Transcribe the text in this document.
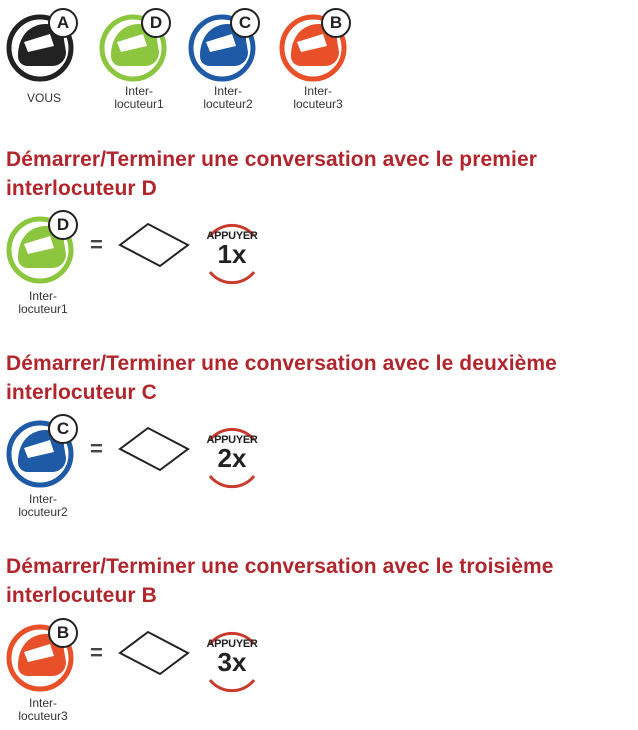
A
VOUS
D
Inter-
locuteur1
C
Inter-
locuteur2
B
Inter-
locuteur3
Démarrer/Terminer une conversation avec le premier
interlocuteur D
D
Inter-
locuteur1
=	APPUYER
1x
Démarrer/Terminer une conversation avec le deuxième
interlocuteur C
C
Inter-
locuteur2
=	APPUYER
2x
Démarrer/Terminer une conversation avec le troisième
interlocuteur B
B
Inter-
locuteur3
=	APPUYER
3x
